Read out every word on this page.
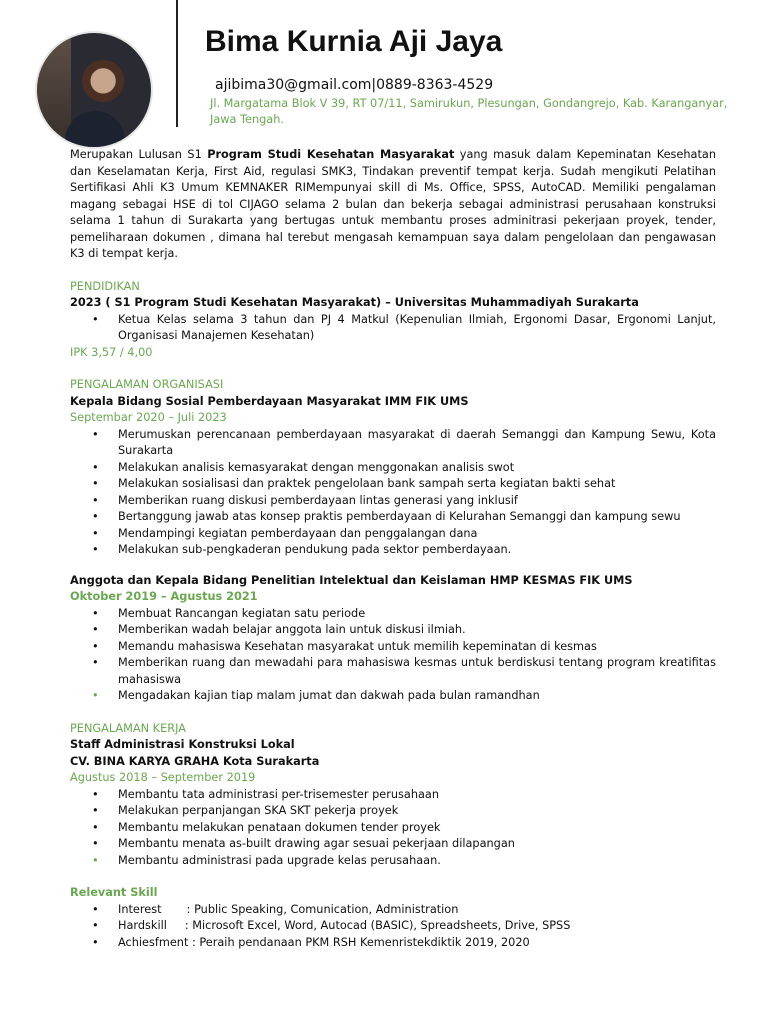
Bima Kurnia Aji Jaya
ajibima30@gmail.com|0889-8363-4529
Jl. Margatama Blok V 39, RT 07/11, Samirukun, Plesungan, Gondangrejo, Kab. Karanganyar, Jawa Tengah.

Merupakan Lulusan S1 Program Studi Kesehatan Masyarakat yang masuk dalam Kepeminatan Kesehatan dan Keselamatan Kerja, First Aid, regulasi SMK3, Tindakan preventif tempat kerja. Sudah mengikuti Pelatihan Sertifikasi Ahli K3 Umum KEMNAKER RIMempunyai skill di Ms. Office, SPSS, AutoCAD. Memiliki pengalaman magang sebagai HSE di tol CIJAGO selama 2 bulan dan bekerja sebagai administrasi perusahaan konstruksi selama 1 tahun di Surakarta yang bertugas untuk membantu proses adminitrasi pekerjaan proyek, tender, pemeliharaan dokumen , dimana hal terebut mengasah kemampuan saya dalam pengelolaan dan pengawasan K3 di tempat kerja.

PENDIDIKAN
2023 ( S1 Program Studi Kesehatan Masyarakat) – Universitas Muhammadiyah Surakarta
• Ketua Kelas selama 3 tahun dan PJ 4 Matkul (Kepenulian Ilmiah, Ergonomi Dasar, Ergonomi Lanjut, Organisasi Manajemen Kesehatan)
IPK 3,57 / 4,00
PENGALAMAN ORGANISASI
Kepala Bidang Sosial Pemberdayaan Masyarakat IMM FIK UMS
Septembar 2020 – Juli 2023
• Merumuskan perencanaan pemberdayaan masyarakat di daerah Semanggi dan Kampung Sewu, Kota Surakarta
• Melakukan analisis kemasyarakat dengan menggonakan analisis swot
• Melakukan sosialisasi dan praktek pengelolaan bank sampah serta kegiatan bakti sehat
• Memberikan ruang diskusi pemberdayaan lintas generasi yang inklusif
• Bertanggung jawab atas konsep praktis pemberdayaan di Kelurahan Semanggi dan kampung sewu
• Mendampingi kegiatan pemberdayaan dan penggalangan dana
• Melakukan sub-pengkaderan pendukung pada sektor pemberdayaan.
Anggota dan Kepala Bidang Penelitian Intelektual dan Keislaman HMP KESMAS FIK UMS
Oktober 2019 – Agustus 2021
• Membuat Rancangan kegiatan satu periode
• Memberikan wadah belajar anggota lain untuk diskusi ilmiah.
• Memandu mahasiswa Kesehatan masyarakat untuk memilih kepeminatan di kesmas
• Memberikan ruang dan mewadahi para mahasiswa kesmas untuk berdiskusi tentang program kreatifitas mahasiswa
• Mengadakan kajian tiap malam jumat dan dakwah pada bulan ramandhan
PENGALAMAN KERJA
Staff Administrasi Konstruksi Lokal
CV. BINA KARYA GRAHA Kota Surakarta
Agustus 2018 – September 2019
• Membantu tata administrasi per-trisemester perusahaan
• Melakukan perpanjangan SKA SKT pekerja proyek
• Membantu melakukan penataan dokumen tender proyek
• Membantu menata as-built drawing agar sesuai pekerjaan dilapangan
• Membantu administrasi pada upgrade kelas perusahaan.
Relevant Skill
• Interest       : Public Speaking, Comunication, Administration
• Hardskill     : Microsoft Excel, Word, Autocad (BASIC), Spreadsheets, Drive, SPSS
• Achiesfment : Peraih pendanaan PKM RSH Kemenristekdiktik 2019, 2020
